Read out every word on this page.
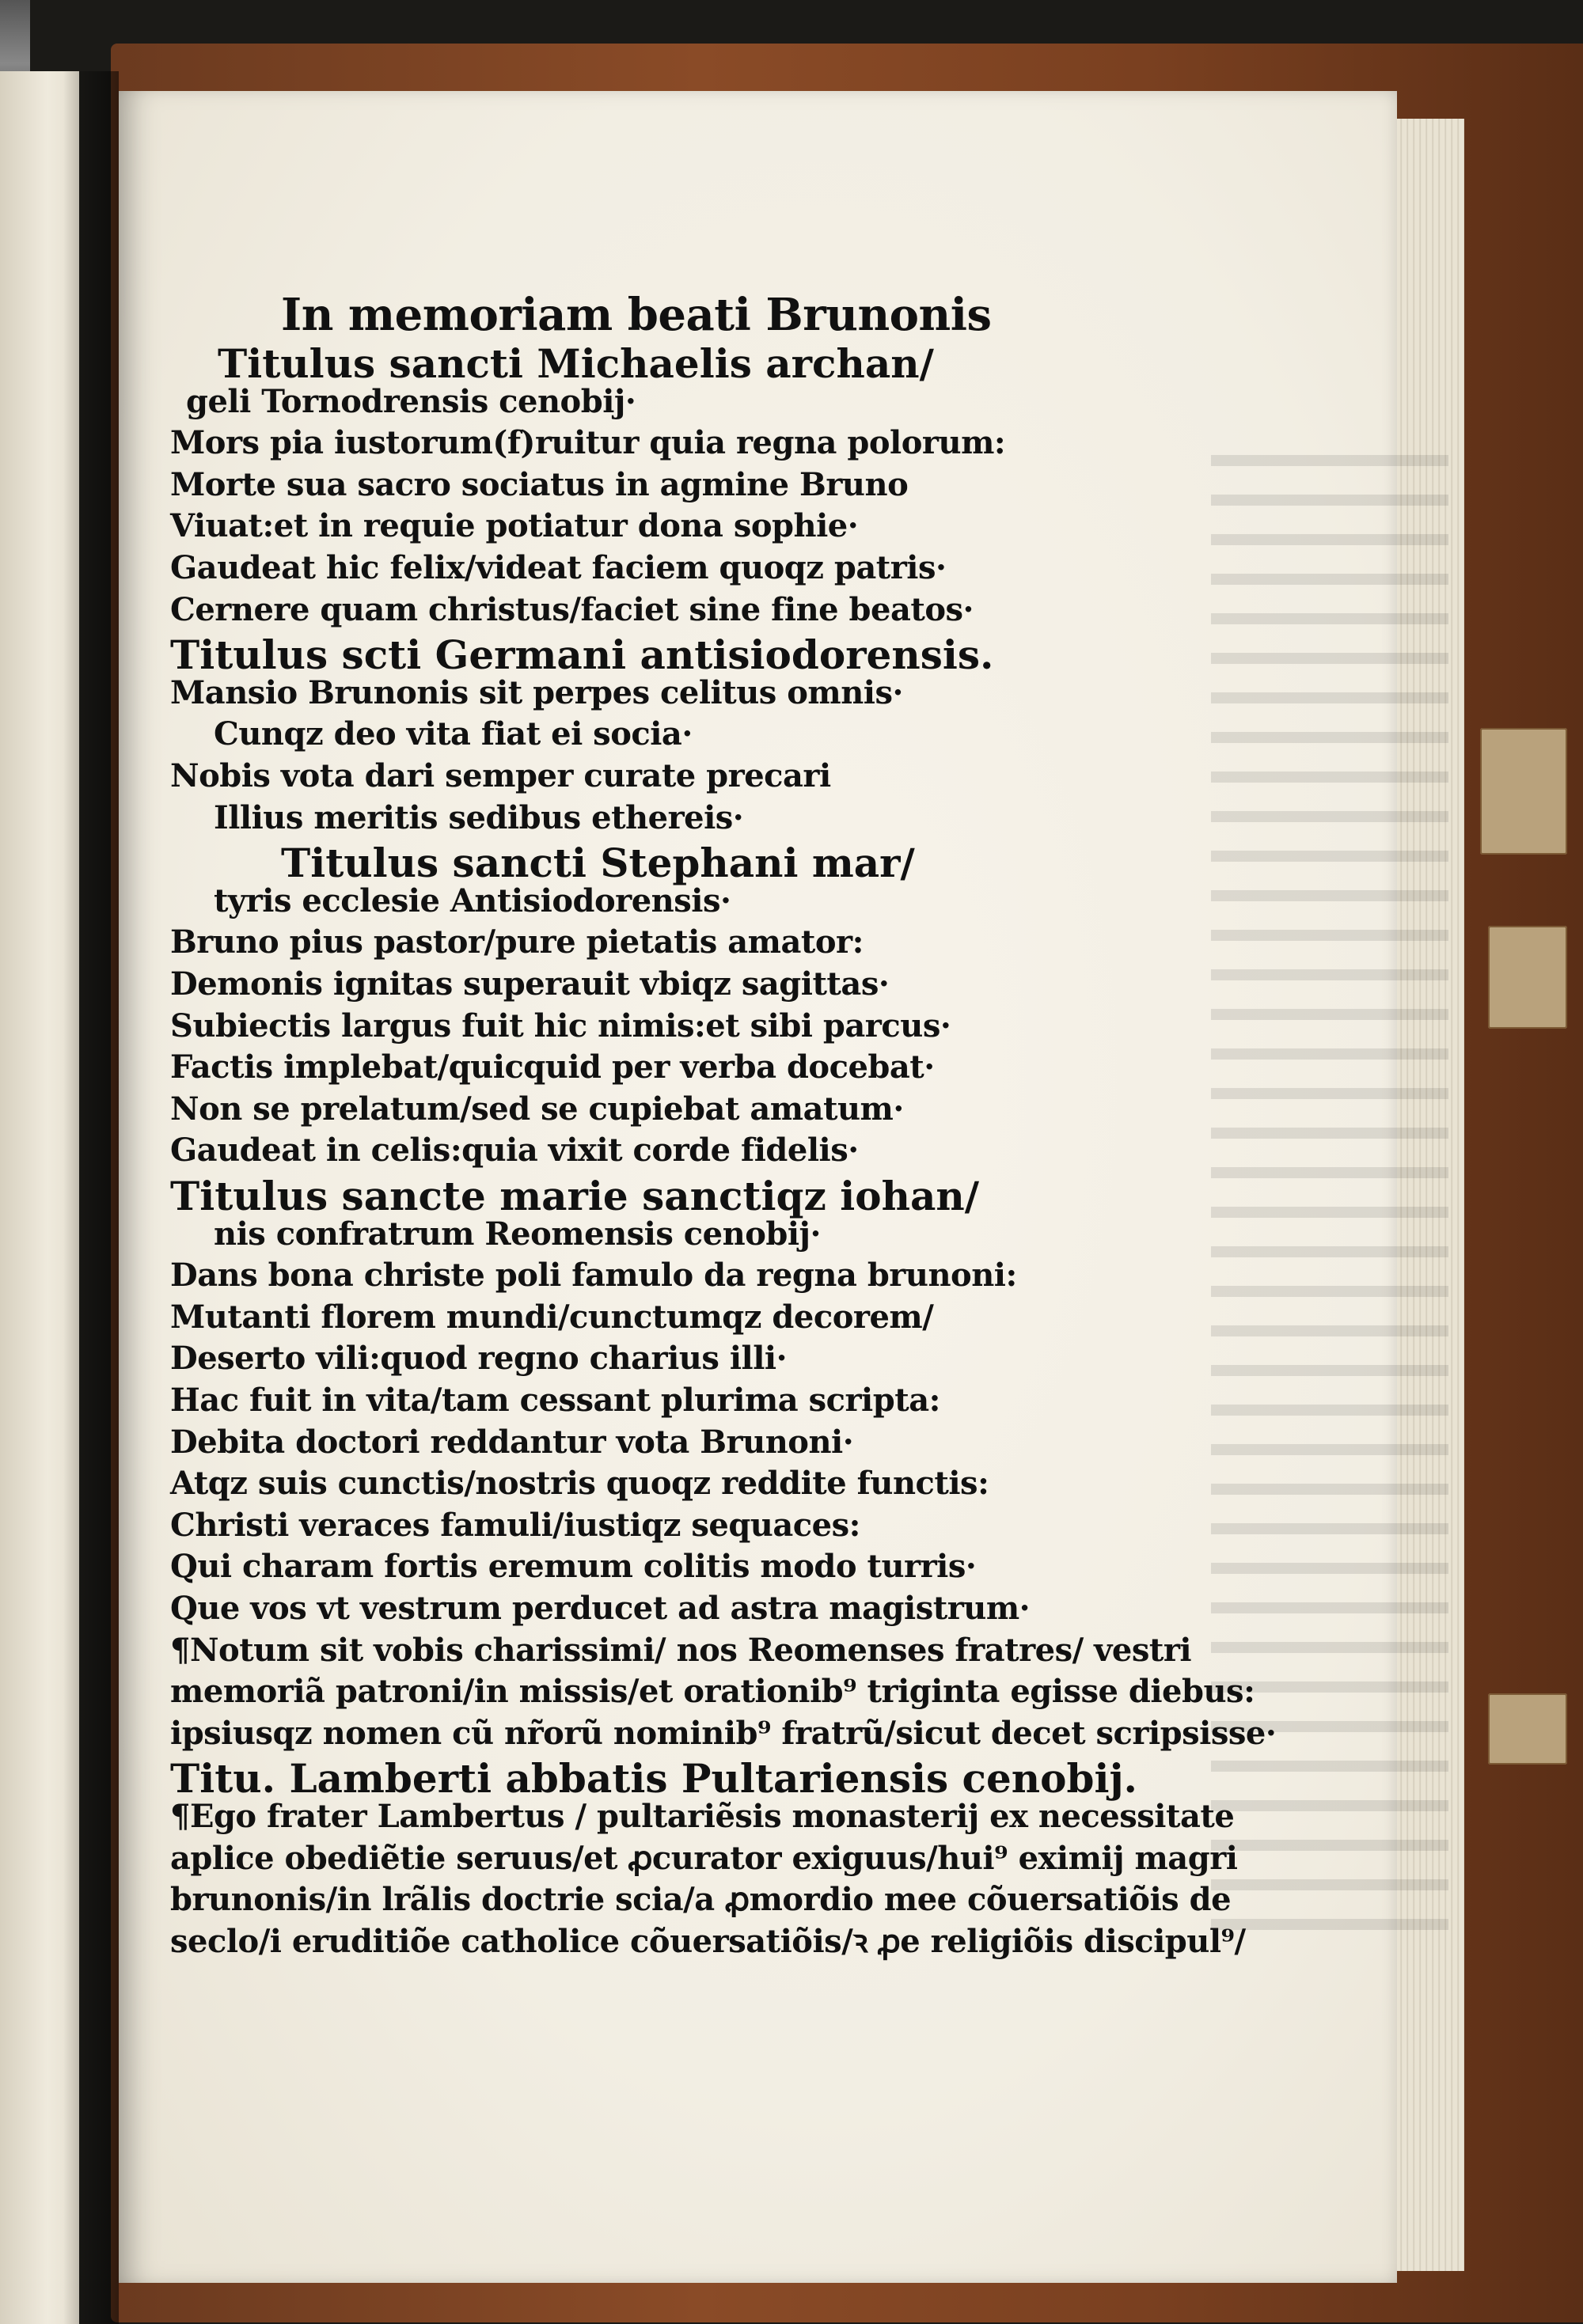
In memoriam beati Brunonis
Titulus sancti Michaelis archan/
geli Tornodrensis cenobij·
Mors pia iustorum(f)ruitur quia regna polorum:
Morte sua sacro sociatus in agmine Bruno
Viuat:et in requie potiatur dona sophie·
Gaudeat hic felix/videat faciem quoqz patris·
Cernere quam christus/faciet sine fine beatos·
Titulus scti Germani antisiodorensis.
Mansio Brunonis sit perpes celitus omnis·
Cunqz deo vita fiat ei socia·
Nobis vota dari semper curate precari
Illius meritis sedibus ethereis·
Titulus sancti Stephani mar/
tyris ecclesie Antisiodorensis·
Bruno pius pastor/pure pietatis amator:
Demonis ignitas superauit vbiqz sagittas·
Subiectis largus fuit hic nimis:et sibi parcus·
Factis implebat/quicquid per verba docebat·
Non se prelatum/sed se cupiebat amatum·
Gaudeat in celis:quia vixit corde fidelis·
Titulus sancte marie sanctiqz iohan/
nis confratrum Reomensis cenobij·
Dans bona christe poli famulo da regna brunoni:
Mutanti florem mundi/cunctumqz decorem/
Deserto vili:quod regno charius illi·
Hac fuit in vita/tam cessant plurima scripta:
Debita doctori reddantur vota Brunoni·
Atqz suis cunctis/nostris quoqz reddite functis:
Christi veraces famuli/iustiqz sequaces:
Qui charam fortis eremum colitis modo turris·
Que vos vt vestrum perducet ad astra magistrum·
¶Notum sit vobis charissimi/ nos Reomenses fratres/ vestri
memoriã patroni/in missis/et orationib⁹ triginta egisse diebus:
ipsiusqz nomen cũ nr̃orũ nominib⁹ fratrũ/sicut decet scripsisse·
Titu. Lamberti abbatis Pultariensis cenobij.
¶Ego frater Lambertus / pultariẽsis monasterij ex necessitate
aplice obediẽtie seruus/et ꝓcurator exiguus/hui⁹ eximij magri
brunonis/in lrãlis doctrie scia/a ꝓmordio mee cõuersatiõis de
seclo/i eruditiõe catholice cõuersatiõis/ꝛ ꝓe religiõis discipul⁹/
